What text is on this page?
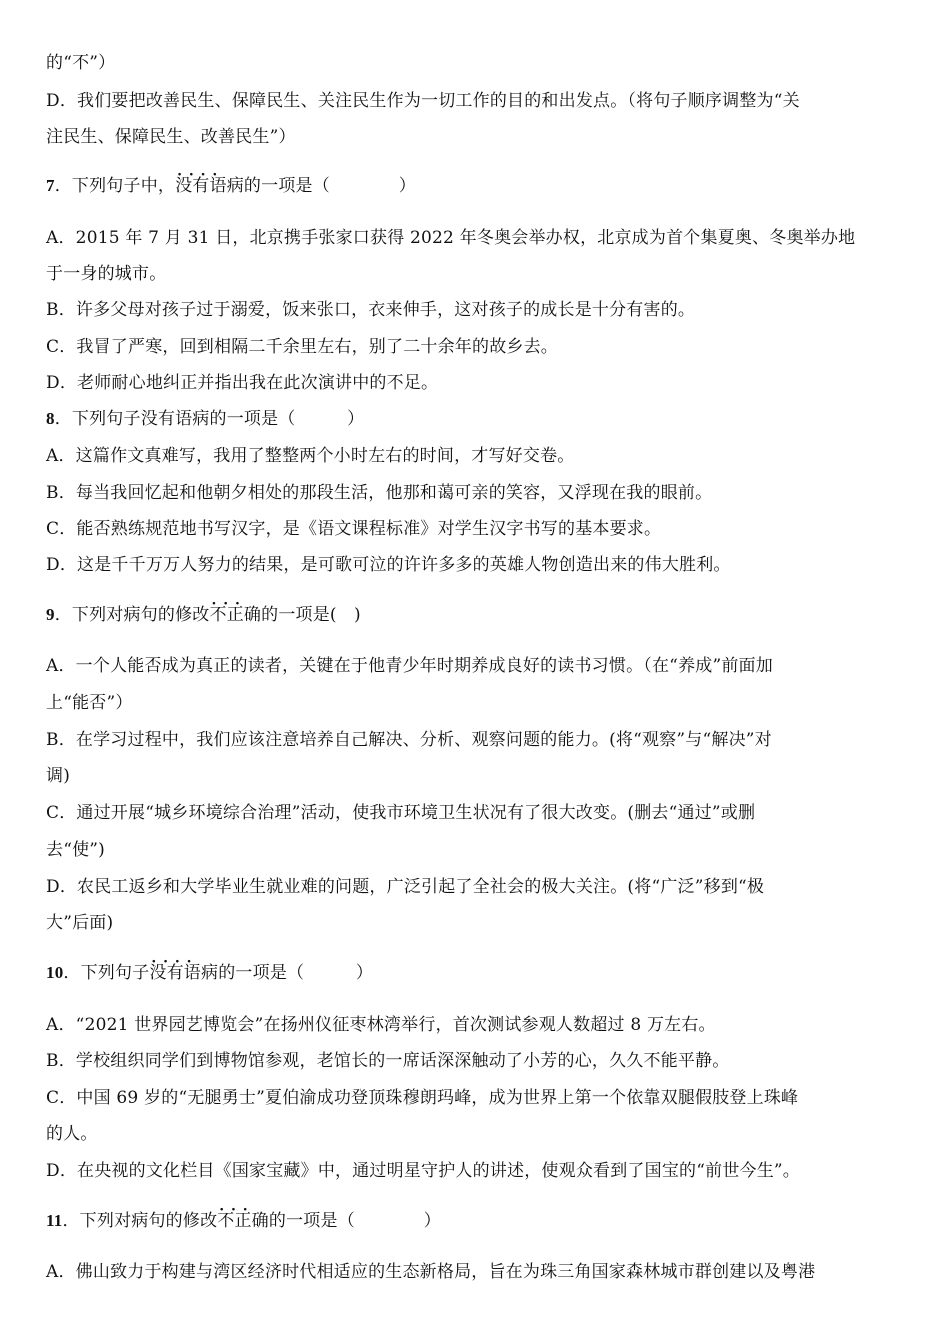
的“不”）
D．我们要把改善民生、保障民生、关注民生作为一切工作的目的和出发点。（将句子顺序调整为“关
注民生、保障民生、改善民生”）
7．下列句子中，· · · · 没有语病的一项是（　　　　）
A．2015 年 7 月 31 日，北京携手张家口获得 2022 年冬奥会举办权，北京成为首个集夏奥、冬奥举办地
于一身的城市。
B．许多父母对孩子过于溺爱，饭来张口，衣来伸手，这对孩子的成长是十分有害的。
C．我冒了严寒，回到相隔二千余里左右，别了二十余年的故乡去。
D．老师耐心地纠正并指出我在此次演讲中的不足。
8．下列句子没有语病的一项是（　　　）
A．这篇作文真难写，我用了整整两个小时左右的时间，才写好交卷。
B．每当我回忆起和他朝夕相处的那段生活，他那和蔼可亲的笑容，又浮现在我的眼前。
C．能否熟练规范地书写汉字，是《语文课程标准》对学生汉字书写的基本要求。
D．这是千千万万人努力的结果，是可歌可泣的许许多多的英雄人物创造出来的伟大胜利。
9．下列对病句的修改· · · 不正确的一项是(　)
A．一个人能否成为真正的读者，关键在于他青少年时期养成良好的读书习惯。（在“养成”前面加
上“能否”）
B．在学习过程中，我们应该注意培养自己解决、分析、观察问题的能力。(将“观察”与“解决”对
调)
C．通过开展“城乡环境综合治理”活动，使我市环境卫生状况有了很大改变。(删去“通过”或删
去“使”)
D．农民工返乡和大学毕业生就业难的问题，广泛引起了全社会的极大关注。(将“广泛”移到“极
大”后面)
10．下列句子· · · · 没有语病的一项是（　　　）
A．“2021 世界园艺博览会”在扬州仪征枣林湾举行，首次测试参观人数超过 8 万左右。
B．学校组织同学们到博物馆参观，老馆长的一席话深深触动了小芳的心，久久不能平静。
C．中国 69 岁的“无腿勇士”夏伯渝成功登顶珠穆朗玛峰，成为世界上第一个依靠双腿假肢登上珠峰
的人。
D．在央视的文化栏目《国家宝藏》中，通过明星守护人的讲述，使观众看到了国宝的“前世今生”。
11．下列对病句的修改· · · 不正确的一项是（　　　　）
A．佛山致力于构建与湾区经济时代相适应的生态新格局，旨在为珠三角国家森林城市群创建以及粤港
